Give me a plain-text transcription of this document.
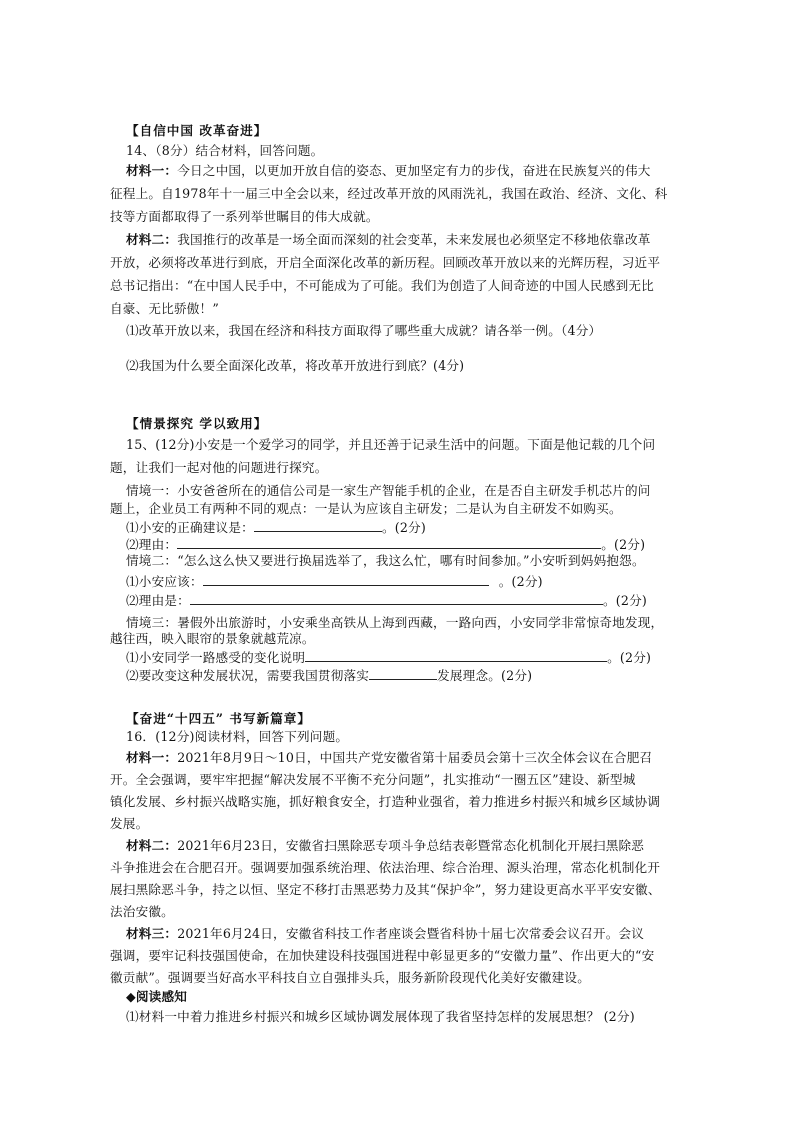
【自信中国 改革奋进】
14、（8分）结合材料，回答问题。
材料一：今日之中国，以更加开放自信的姿态、更加坚定有力的步伐，奋进在民族复兴的伟大
征程上。自1978年十一届三中全会以来，经过改革开放的风雨洗礼，我国在政治、经济、文化、科
技等方面都取得了一系列举世瞩目的伟大成就。
材料二：我国推行的改革是一场全面而深刻的社会变革，未来发展也必须坚定不移地依靠改革
开放，必须将改革进行到底，开启全面深化改革的新历程。回顾改革开放以来的光辉历程，习近平
总书记指出：“在中国人民手中，不可能成为了可能。我们为创造了人间奇迹的中国人民感到无比
自豪、无比骄傲！”
⑴改革开放以来，我国在经济和科技方面取得了哪些重大成就？请各举一例。（4分）
⑵我国为什么要全面深化改革，将改革开放进行到底？(4分)
【情景探究 学以致用】
15、(12分)小安是一个爱学习的同学，并且还善于记录生活中的问题。下面是他记载的几个问
题，让我们一起对他的问题进行探究。
情境一：小安爸爸所在的通信公司是一家生产智能手机的企业，在是否自主研发手机芯片的问
题上，企业员工有两种不同的观点：一是认为应该自主研发；二是认为自主研发不如购买。
⑴小安的正确建议是：	。(2分)
⑵理由：	。(2分)
情境二：“怎么这么快又要进行换届选举了，我这么忙，哪有时间参加。”小安听到妈妈抱怨。
⑴小安应该：	。(2分)
⑵理由是：	。(2分)
情境三：暑假外出旅游时，小安乘坐高铁从上海到西藏，一路向西，小安同学非常惊奇地发现，
越往西，映入眼帘的景象就越荒凉。
⑴小安同学一路感受的变化说明	。(2分)
⑵要改变这种发展状况，需要我国贯彻落实	发展理念。(2分)
【奋进“十四五” 书写新篇章】
16．(12分)阅读材料，回答下列问题。
材料一：2021年8月9日～10日，中国共产党安徽省第十届委员会第十三次全体会议在合肥召
开。全会强调，要牢牢把握“解决发展不平衡不充分问题”，扎实推动“一圈五区”建设、新型城
镇化发展、乡村振兴战略实施，抓好粮食安全，打造种业强省，着力推进乡村振兴和城乡区域协调
发展。
材料二：2021年6月23日，安徽省扫黑除恶专项斗争总结表彰暨常态化机制化开展扫黑除恶
斗争推进会在合肥召开。强调要加强系统治理、依法治理、综合治理、源头治理，常态化机制化开
展扫黑除恶斗争，持之以恒、坚定不移打击黑恶势力及其“保护伞”，努力建设更高水平平安安徽、
法治安徽。
材料三：2021年6月24日，安徽省科技工作者座谈会暨省科协十届七次常委会议召开。会议
强调，要牢记科技强国使命，在加快建设科技强国进程中彰显更多的“安徽力量”、作出更大的“安
徽贡献”。强调要当好高水平科技自立自强排头兵，服务新阶段现代化美好安徽建设。
◆阅读感知
⑴材料一中着力推进乡村振兴和城乡区域协调发展体现了我省坚持怎样的发展思想？ (2分)
